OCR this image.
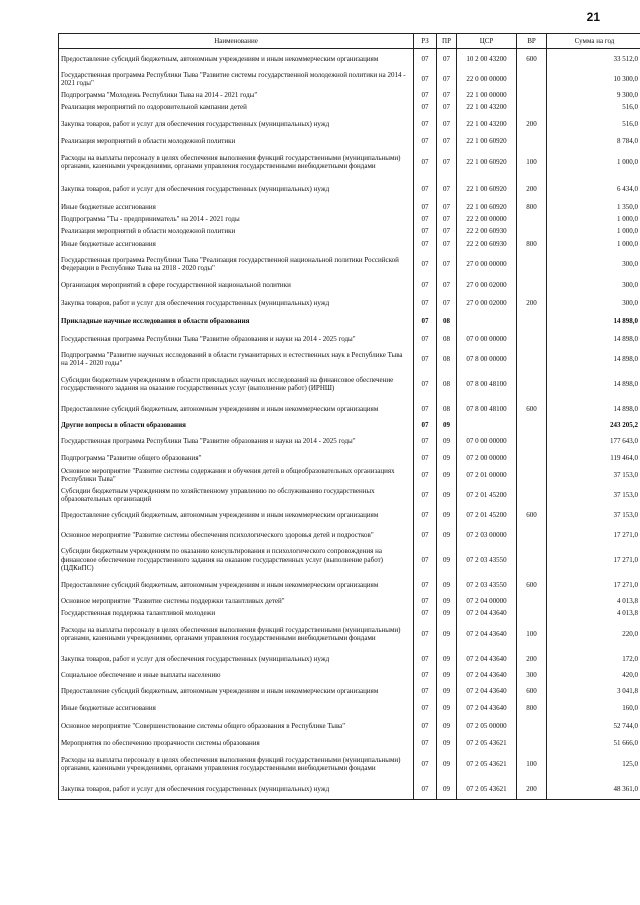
21
Наименование	РЗ	ПР	ЦСР	ВР	Сумма на год
Предоставление субсидий бюджетным, автономным учреждениям и иным некоммерческим организациям	07	07	10 2 00 43200	600	33 512,0
Государственная программа Республики Тыва "Развитие системы государственной молодежной политики на 2014 - 2021 годы"	07	07	22 0 00 00000		10 300,0
Подпрограмма "Молодежь Республики Тыва на 2014 - 2021 годы"	07	07	22 1 00 00000		9 300,0
Реализация мероприятий по оздоровительной кампании детей	07	07	22 1 00 43200		516,0
Закупка товаров, работ и услуг для обеспечения государственных (муниципальных) нужд	07	07	22 1 00 43200	200	516,0
Реализация мероприятий в области молодежной политики	07	07	22 1 00 60920		8 784,0
Расходы на выплаты персоналу в целях обеспечения выполнения функций государственными (муниципальными) органами, казенными учреждениями, органами управления государственными внебюджетными фондами	07	07	22 1 00 60920	100	1 000,0
Закупка товаров, работ и услуг для обеспечения государственных (муниципальных) нужд	07	07	22 1 00 60920	200	6 434,0
Иные бюджетные ассигнования	07	07	22 1 00 60920	800	1 350,0
Подпрограмма "Ты - предприниматель" на 2014 - 2021 годы	07	07	22 2 00 00000		1 000,0
Реализация мероприятий в области молодежной политики	07	07	22 2 00 60930		1 000,0
Иные бюджетные ассигнования	07	07	22 2 00 60930	800	1 000,0
Государственная программа Республики Тыва "Реализация государственной национальной политики Российской Федерации в Республике Тыва на 2018 - 2020 годы"	07	07	27 0 00 00000		300,0
Организация мероприятий в сфере государственной национальной политики	07	07	27 0 00 02000		300,0
Закупка товаров, работ и услуг для обеспечения государственных (муниципальных) нужд	07	07	27 0 00 02000	200	300,0
Прикладные научные исследования в области образования	07	08			14 898,0
Государственная программа Республики Тыва "Развитие образования и науки на 2014 - 2025 годы"	07	08	07 0 00 00000		14 898,0
Подпрограмма "Развитие научных исследований в области гуманитарных и естественных наук в Республике Тыва на 2014 - 2020 годы"	07	08	07 8 00 00000		14 898,0
Субсидии бюджетным учреждениям в области прикладных научных исследований на финансовое обеспечение государственного задания на оказание государственных услуг (выполнение работ) (ИРНШ)	07	08	07 8 00 48100		14 898,0
Предоставление субсидий бюджетным, автономным учреждениям и иным некоммерческим организациям	07	08	07 8 00 48100	600	14 898,0
Другие вопросы в области образования	07	09			243 205,2
Государственная программа Республики Тыва "Развитие образования и науки на 2014 - 2025 годы"	07	09	07 0 00 00000		177 643,0
Подпрограмма "Развитие общего образования"	07	09	07 2 00 00000		119 464,0
Основное мероприятие "Развитие системы содержания и обучения детей в общеобразовательных организациях Республики Тыва"	07	09	07 2 01 00000		37 153,0
Субсидии бюджетным учреждениям по хозяйственному управлению по обслуживанию государственных образовательных организаций	07	09	07 2 01 45200		37 153,0
Предоставление субсидий бюджетным, автономным учреждениям и иным некоммерческим организациям	07	09	07 2 01 45200	600	37 153,0
Основное мероприятие "Развитие системы обеспечения психологического здоровья детей и подростков"	07	09	07 2 03 00000		17 271,0
Субсидии бюджетным учреждениям по оказанию консультирования и психологического сопровождения на финансовое обеспечение государственного задания на оказание государственных услуг (выполнение работ) (ЦДКиПС)	07	09	07 2 03 43550		17 271,0
Предоставление субсидий бюджетным, автономным учреждениям и иным некоммерческим организациям	07	09	07 2 03 43550	600	17 271,0
Основное мероприятие "Развитие системы поддержки талантливых детей"	07	09	07 2 04 00000		4 013,8
Государственная поддержка талантливой молодежи	07	09	07 2 04 43640		4 013,8
Расходы на выплаты персоналу в целях обеспечения выполнения функций государственными (муниципальными) органами, казенными учреждениями, органами управления государственными внебюджетными фондами	07	09	07 2 04 43640	100	220,0
Закупка товаров, работ и услуг для обеспечения государственных (муниципальных) нужд	07	09	07 2 04 43640	200	172,0
Социальное обеспечение и иные выплаты населению	07	09	07 2 04 43640	300	420,0
Предоставление субсидий бюджетным, автономным учреждениям и иным некоммерческим организациям	07	09	07 2 04 43640	600	3 041,8
Иные бюджетные ассигнования	07	09	07 2 04 43640	800	160,0
Основное мероприятие "Совершенствование системы общего образования в Республике Тыва"	07	09	07 2 05 00000		52 744,0
Мероприятия по обеспечению прозрачности системы образования	07	09	07 2 05 43621		51 666,0
Расходы на выплаты персоналу в целях обеспечения выполнения функций государственными (муниципальными) органами, казенными учреждениями, органами управления государственными внебюджетными фондами	07	09	07 2 05 43621	100	125,0
Закупка товаров, работ и услуг для обеспечения государственных (муниципальных) нужд	07	09	07 2 05 43621	200	48 361,0
